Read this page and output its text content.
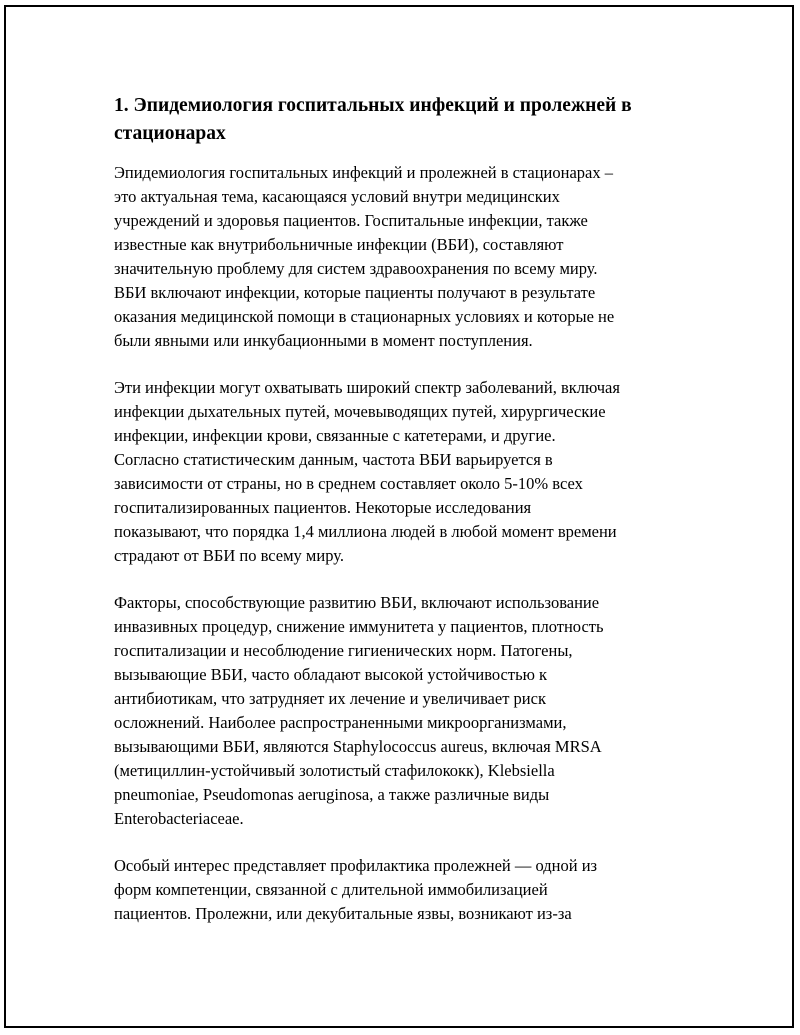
1. Эпидемиология госпитальных инфекций и пролежней в
стационарах
Эпидемиология госпитальных инфекций и пролежней в стационарах –
это актуальная тема, касающаяся условий внутри медицинских
учреждений и здоровья пациентов. Госпитальные инфекции, также
известные как внутрибольничные инфекции (ВБИ), составляют
значительную проблему для систем здравоохранения по всему миру.
ВБИ включают инфекции, которые пациенты получают в результате
оказания медицинской помощи в стационарных условиях и которые не
были явными или инкубационными в момент поступления.
Эти инфекции могут охватывать широкий спектр заболеваний, включая
инфекции дыхательных путей, мочевыводящих путей, хирургические
инфекции, инфекции крови, связанные с катетерами, и другие.
Согласно статистическим данным, частота ВБИ варьируется в
зависимости от страны, но в среднем составляет около 5-10% всех
госпитализированных пациентов. Некоторые исследования
показывают, что порядка 1,4 миллиона людей в любой момент времени
страдают от ВБИ по всему миру.
Факторы, способствующие развитию ВБИ, включают использование
инвазивных процедур, снижение иммунитета у пациентов, плотность
госпитализации и несоблюдение гигиенических норм. Патогены,
вызывающие ВБИ, часто обладают высокой устойчивостью к
антибиотикам, что затрудняет их лечение и увеличивает риск
осложнений. Наиболее распространенными микроорганизмами,
вызывающими ВБИ, являются Staphylococcus aureus, включая MRSA
(метициллин-устойчивый золотистый стафилококк), Klebsiella
pneumoniae, Pseudomonas aeruginosa, а также различные виды
Enterobacteriaceae.
Особый интерес представляет профилактика пролежней — одной из
форм компетенции, связанной с длительной иммобилизацией
пациентов. Пролежни, или декубитальные язвы, возникают из-за
